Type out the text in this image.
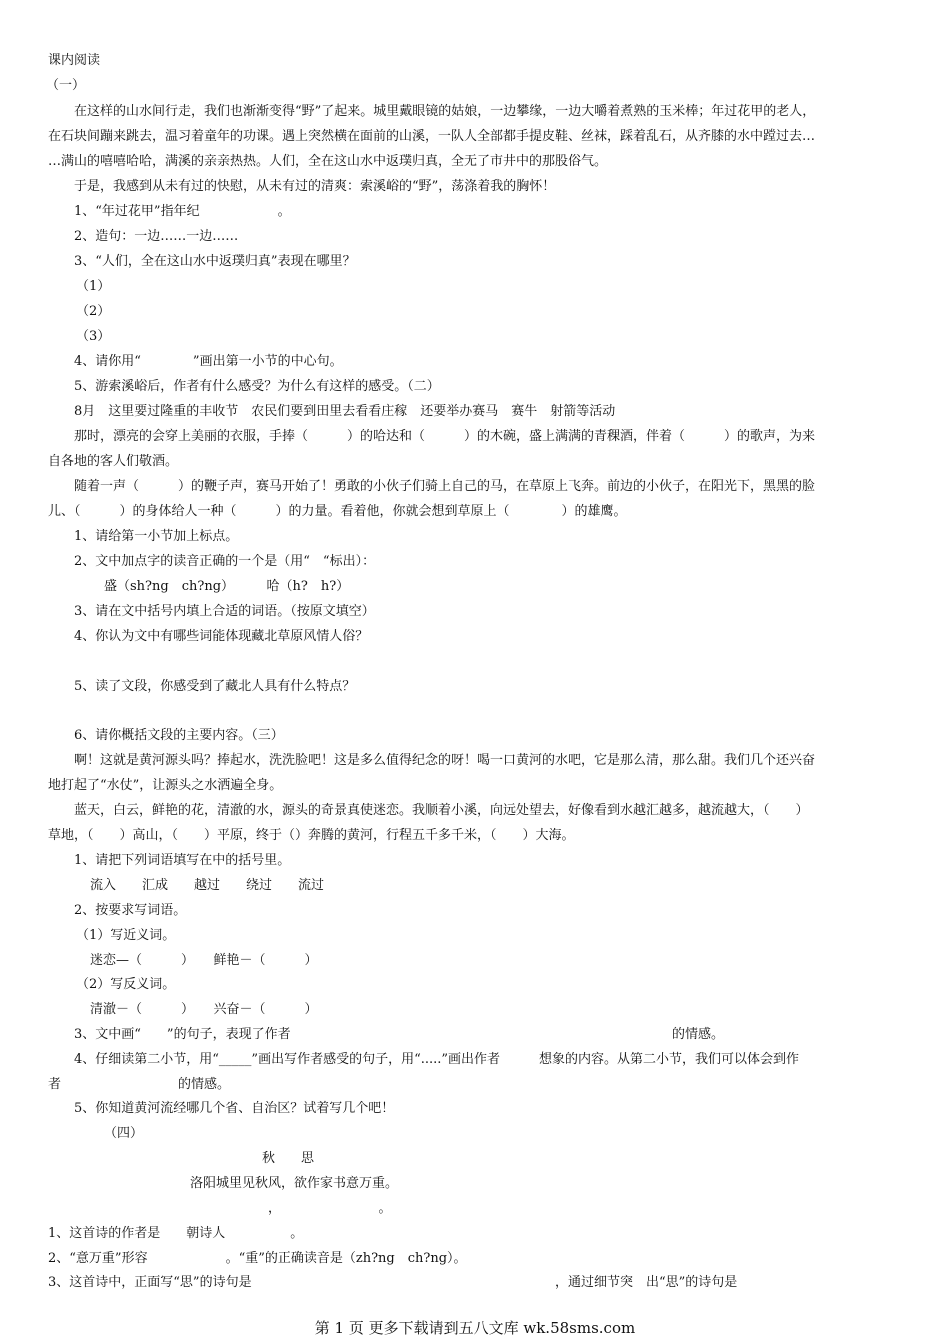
课内阅读

（一）

在这样的山水间行走，我们也渐渐变得“野”了起来。城里戴眼镜的姑娘，一边攀缘，一边大嚼着煮熟的玉米棒；年过花甲的老人，

在石块间蹦来跳去，温习着童年的功课。遇上突然横在面前的山溪，一队人全部都手提皮鞋、丝袜，踩着乱石，从齐膝的水中蹚过去…

…满山的嘻嘻哈哈，满溪的亲亲热热。人们，全在这山水中返璞归真，全无了市井中的那股俗气。

于是，我感到从未有过的快慰，从未有过的清爽：索溪峪的“野”，荡涤着我的胸怀！

1、“年过花甲”指年纪　　　　　　。

2、造句：一边……一边……

3、“人们，全在这山水中返璞归真”表现在哪里？

（1）

（2）

（3）

4、请你用“　　　　”画出第一小节的中心句。

5、游索溪峪后，作者有什么感受？为什么有这样的感受。（二）

8月　这里要过隆重的丰收节　农民们要到田里去看看庄稼　还要举办赛马　赛牛　射箭等活动

那时，漂亮的会穿上美丽的衣服，手捧（　　　）的哈达和（　　　）的木碗，盛上满满的青稞酒，伴着（　　　）的歌声，为来

自各地的客人们敬酒。

随着一声（　　　）的鞭子声，赛马开始了！勇敢的小伙子们骑上自己的马，在草原上飞奔。前边的小伙子，在阳光下，黑黑的脸

儿、（　　　）的身体给人一种（　　　）的力量。看着他，你就会想到草原上（　　　　）的雄鹰。

1、请给第一小节加上标点。

2、文中加点字的读音正确的一个是（用“　“标出）：

盛（sh?ng　ch?ng）　　　哈（h?　h?）

3、请在文中括号内填上合适的词语。（按原文填空）

4、你认为文中有哪些词能体现藏北草原风情人俗？

5、读了文段，你感受到了藏北人具有什么特点？

6、请你概括文段的主要内容。（三）

啊！这就是黄河源头吗？捧起水，洗洗脸吧！这是多么值得纪念的呀！喝一口黄河的水吧，它是那么清，那么甜。我们几个还兴奋

地打起了“水仗”，让源头之水洒遍全身。

蓝天，白云，鲜艳的花，清澈的水，源头的奇景真使迷恋。我顺着小溪，向远处望去，好像看到水越汇越多，越流越大，（　　）

草地，（　　）高山，（　　）平原，终于（）奔腾的黄河，行程五千多千米，（　　）大海。

1、请把下列词语填写在中的括号里。

流入　　汇成　　越过　　绕过　　流过

2、按要求写词语。

（1）写近义词。

迷恋—（　　　）　　鲜艳－（　　　）

（2）写反义词。

清澈－（　　　）　　兴奋－（　　　）

3、文中画“　　”的句子，表现了作者	的情感。

4、仔细读第二小节，用“_____”画出写作者感受的句子，用“.....”画出作者　　　想象的内容。从第二小节，我们可以体会到作

者　　　　　　　　　的情感。

5、你知道黄河流经哪几个省、自治区？试着写几个吧！

（四）

秋　　思

洛阳城里见秋风，欲作家书意万重。

　　　　　　，　　　　　　　　。

1、这首诗的作者是　　朝诗人　　　　　。

2、“意万重”形容　　　　　　。“重”的正确读音是（zh?ng　ch?ng）。

3、这首诗中，正面写“思”的诗句是	，通过细节突　出“思”的诗句是

第 1 页 更多下载请到五八文库 wk.58sms.com
